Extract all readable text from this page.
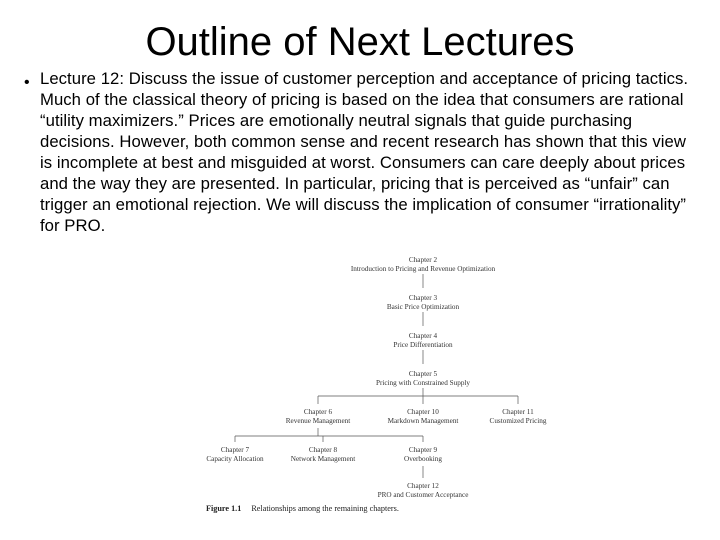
Outline of Next Lectures
• Lecture 12: Discuss the issue of customer perception and acceptance of pricing tactics. Much of the classical theory of pricing is based on the idea that consumers are rational “utility maximizers.” Prices are emotionally neutral signals that guide purchasing decisions. However, both common sense and recent research has shown that this view is incomplete at best and misguided at worst. Consumers can care deeply about prices and the way they are presented. In particular, pricing that is perceived as “unfair” can trigger an emotional rejection. We will discuss the implication of consumer “irrationality” for PRO.
Chapter 2
Introduction to Pricing and Revenue Optimization
Chapter 3
Basic Price Optimization
Chapter 4
Price Differentiation
Chapter 5
Pricing with Constrained Supply
Chapter 6
Revenue Management
Chapter 10
Markdown Management
Chapter 11
Customized Pricing
Chapter 7
Capacity Allocation
Chapter 8
Network Management
Chapter 9
Overbooking
Chapter 12
PRO and Customer Acceptance
Figure 1.1 Relationships among the remaining chapters.
